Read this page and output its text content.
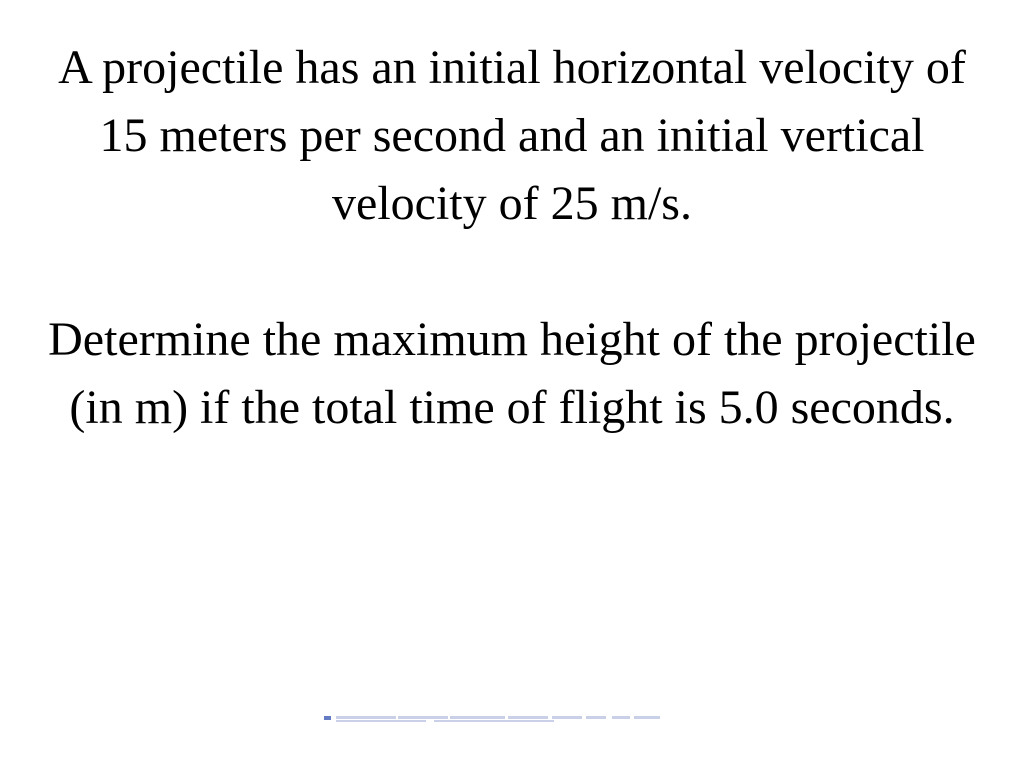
A projectile has an initial horizontal velocity of 15 meters per second and an initial vertical velocity of 25 m/s.

Determine the maximum height of the projectile (in m) if the total time of flight is 5.0 seconds.
